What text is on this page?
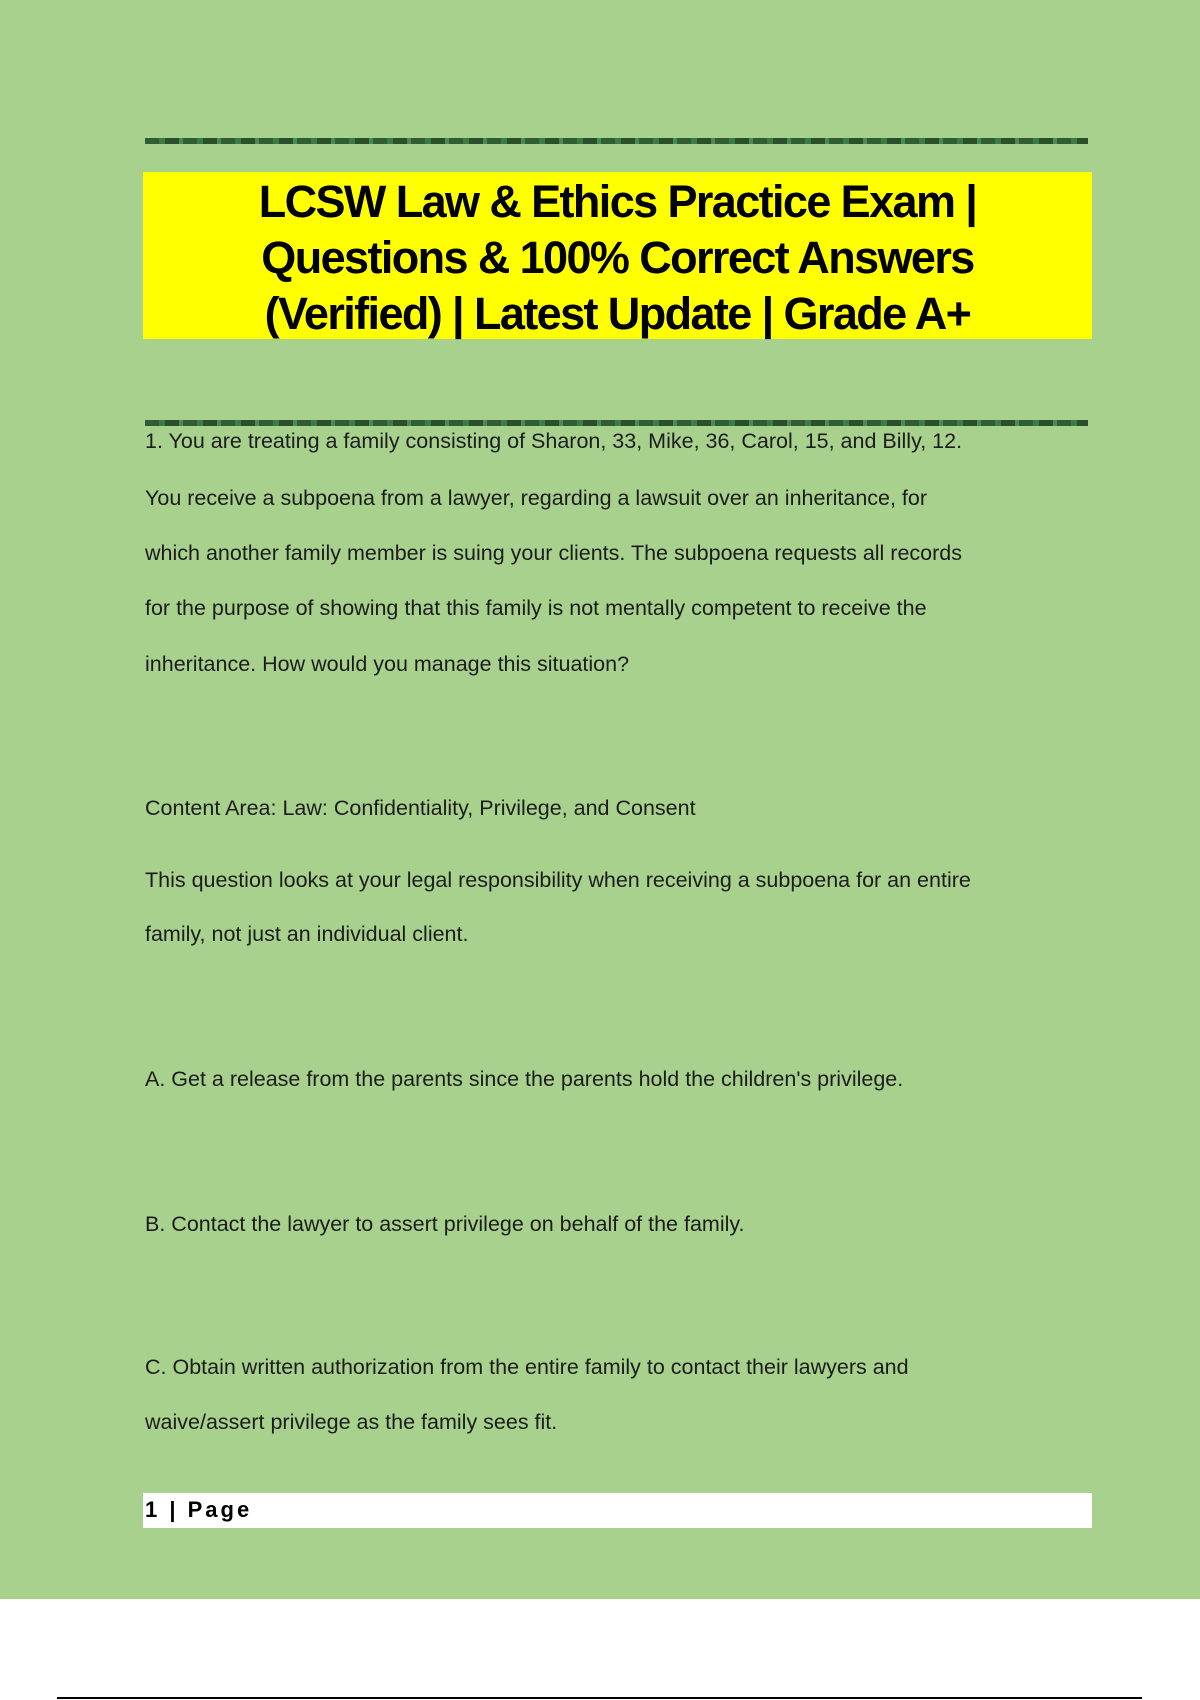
LCSW Law & Ethics Practice Exam |
Questions & 100% Correct Answers
(Verified) | Latest Update | Grade A+
1. You are treating a family consisting of Sharon, 33, Mike, 36, Carol, 15, and Billy, 12.
You receive a subpoena from a lawyer, regarding a lawsuit over an inheritance, for
which another family member is suing your clients. The subpoena requests all records
for the purpose of showing that this family is not mentally competent to receive the
inheritance. How would you manage this situation?
Content Area: Law: Confidentiality, Privilege, and Consent
This question looks at your legal responsibility when receiving a subpoena for an entire
family, not just an individual client.
A. Get a release from the parents since the parents hold the children's privilege.
B. Contact the lawyer to assert privilege on behalf of the family.
C. Obtain written authorization from the entire family to contact their lawyers and
waive/assert privilege as the family sees fit.
1 | Page
